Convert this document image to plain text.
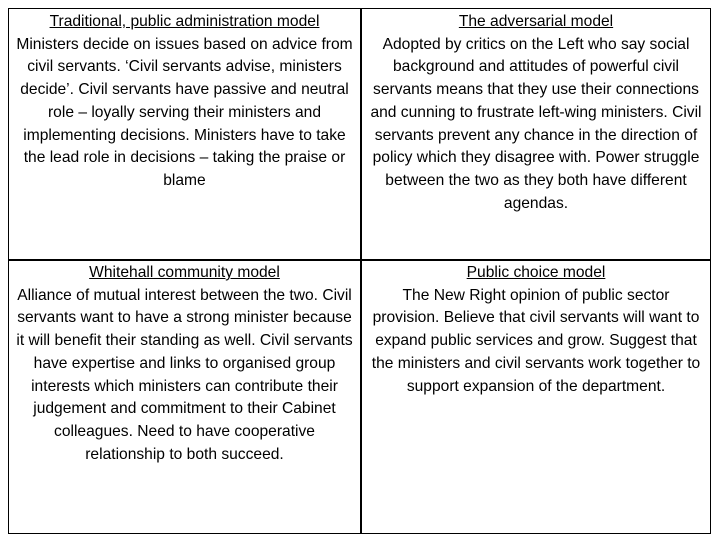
Traditional, public administration model
Ministers decide on issues based on advice from civil servants. ‘Civil servants advise, ministers decide’. Civil servants have passive and neutral role – loyally serving their ministers and implementing decisions. Ministers have to take the lead role in decisions – taking the praise or blame
The adversarial model
Adopted by critics on the Left who say social background and attitudes of powerful civil servants means that they use their connections and cunning to frustrate left-wing ministers. Civil servants prevent any chance in the direction of policy which they disagree with. Power struggle between the two as they both have different agendas.
Whitehall community model
Alliance of mutual interest between the two. Civil servants want to have a strong minister because it will benefit their standing as well. Civil servants have expertise and links to organised group interests which ministers can contribute their judgement and commitment to their Cabinet colleagues. Need to have cooperative relationship to both succeed.
Public choice model
The New Right opinion of public sector provision. Believe that civil servants will want to expand public services and grow. Suggest that the ministers and civil servants work together to support expansion of the department.
